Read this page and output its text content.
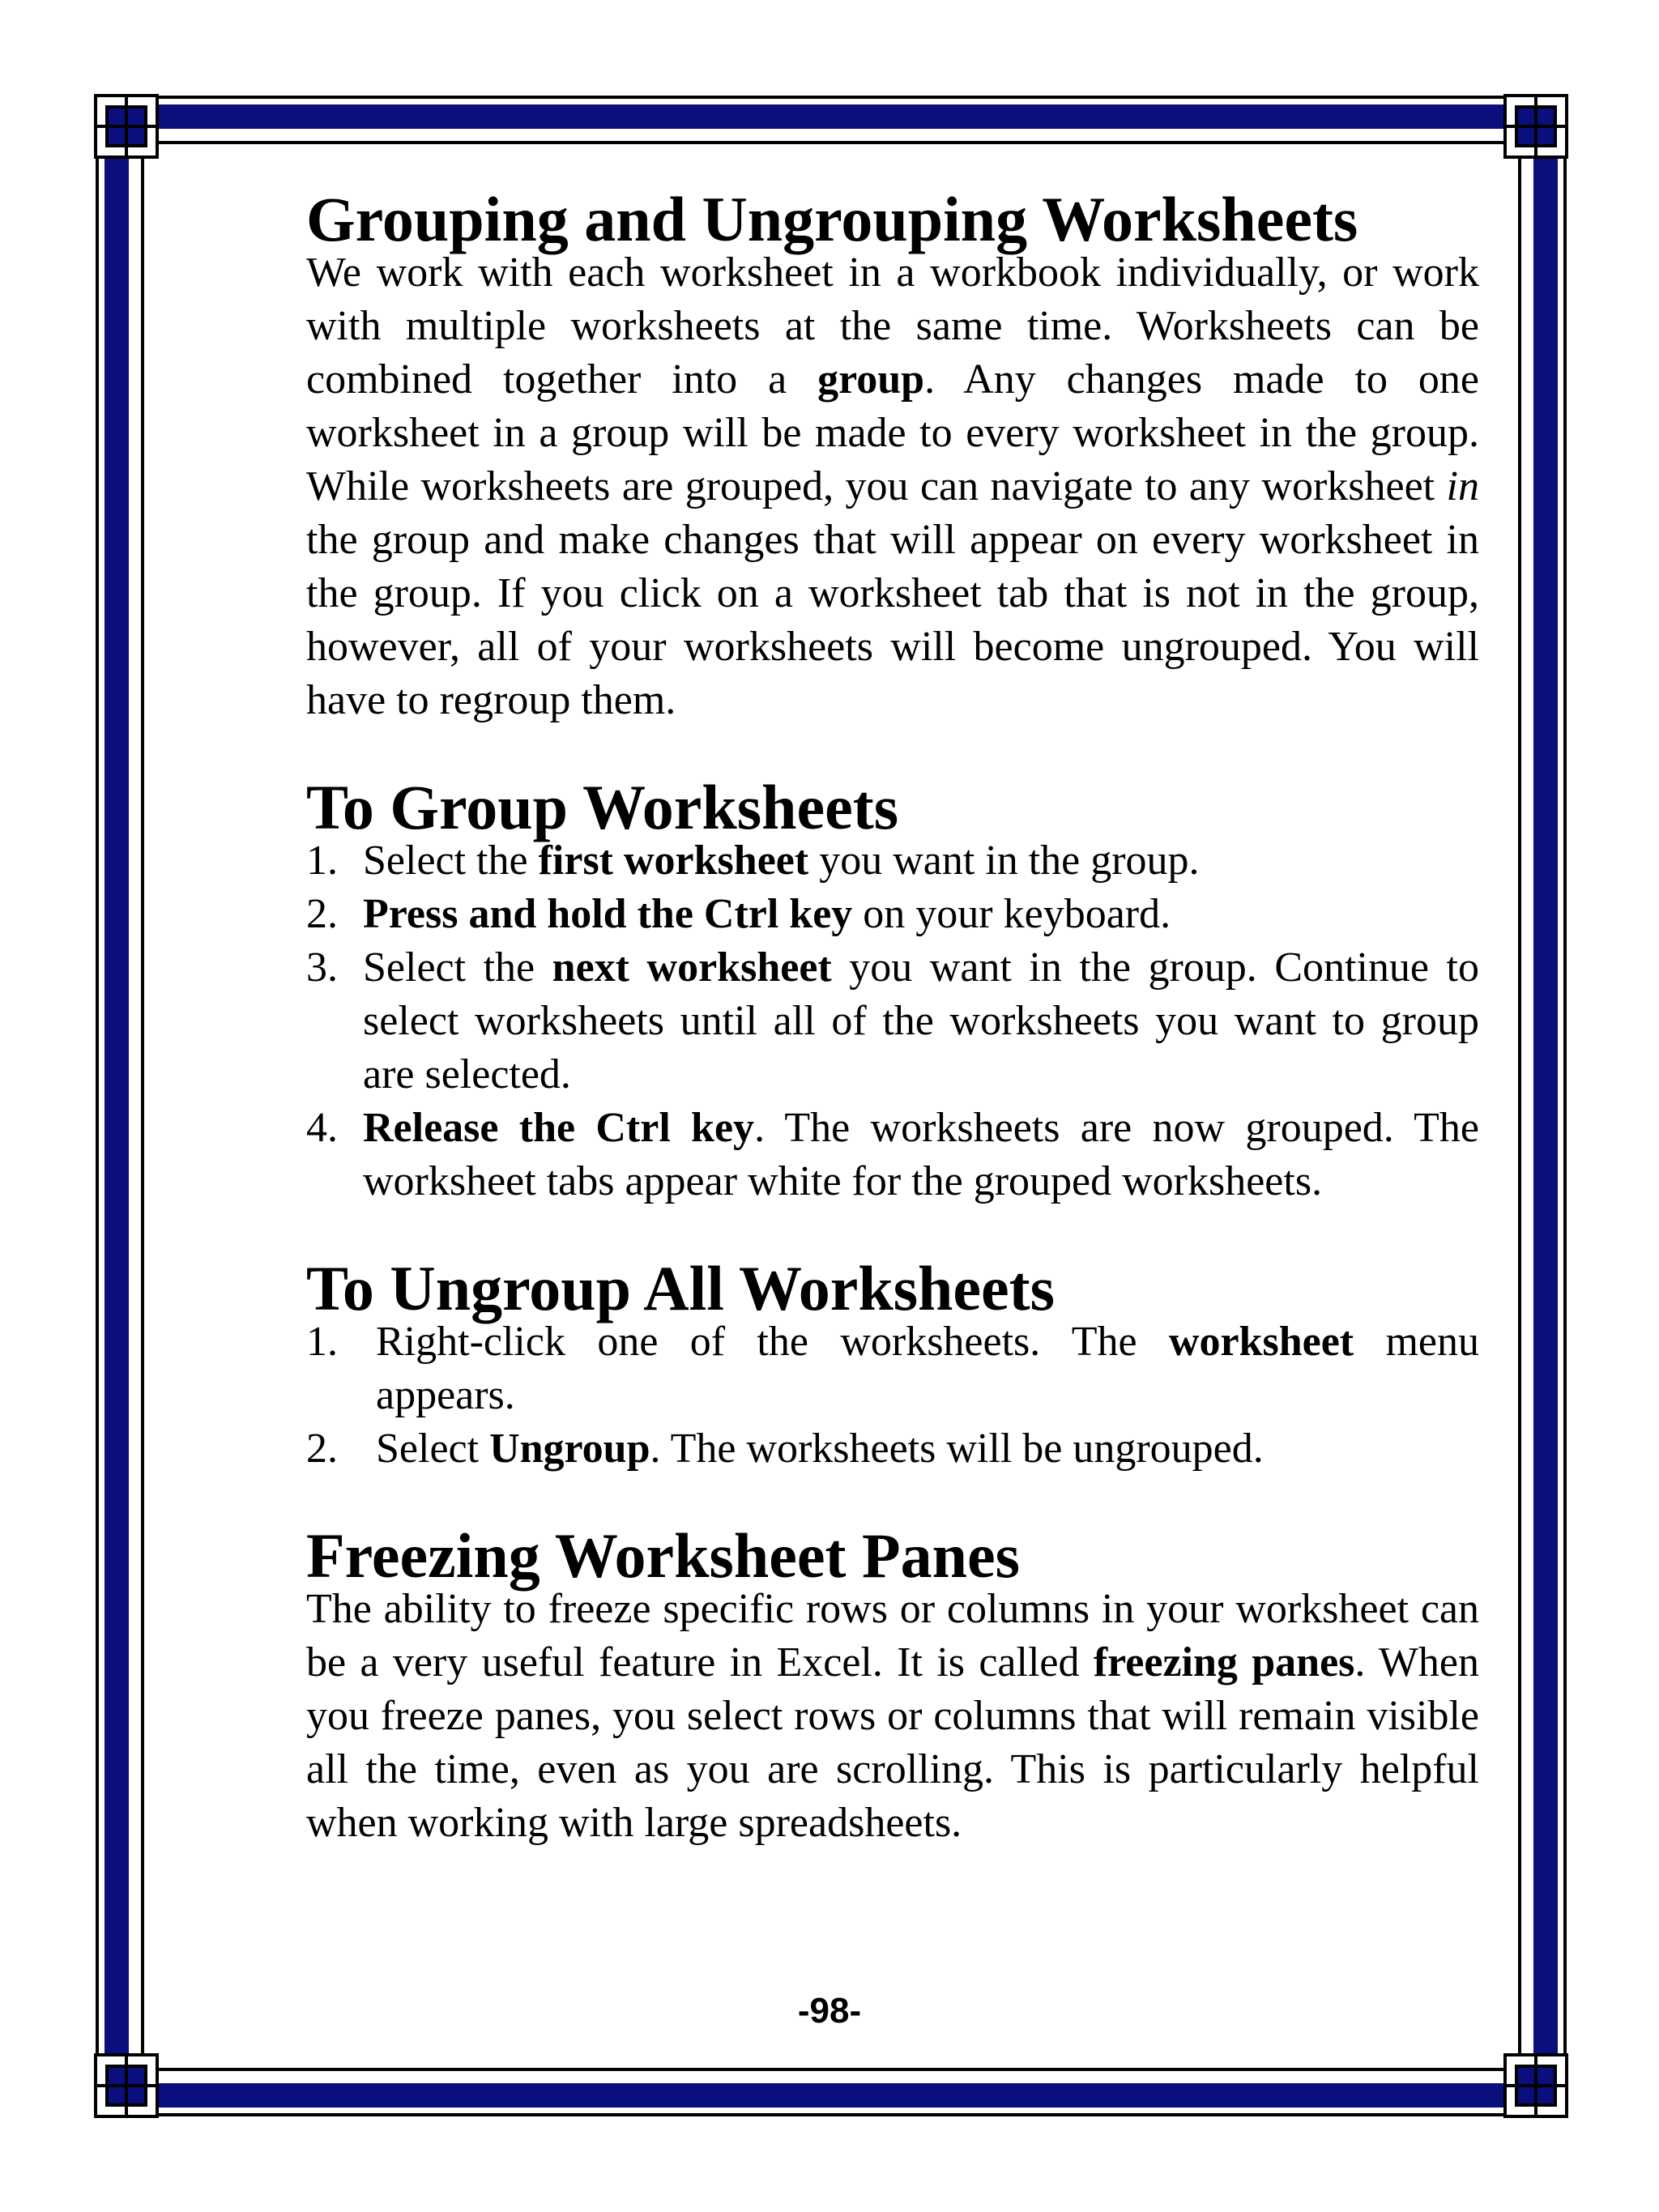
Grouping and Ungrouping Worksheets

We work with each worksheet in a workbook individually, or work with multiple worksheets at the same time. Worksheets can be combined together into a group. Any changes made to one worksheet in a group will be made to every worksheet in the group. While worksheets are grouped, you can navigate to any worksheet in the group and make changes that will appear on every worksheet in the group. If you click on a worksheet tab that is not in the group, however, all of your worksheets will become ungrouped. You will have to regroup them.

To Group Worksheets
1. Select the first worksheet you want in the group.
2. Press and hold the Ctrl key on your keyboard.
3. Select the next worksheet you want in the group. Continue to select worksheets until all of the worksheets you want to group are selected.
4. Release the Ctrl key. The worksheets are now grouped. The worksheet tabs appear white for the grouped worksheets.
To Ungroup All Worksheets
1. Right-click one of the worksheets. The worksheet menu appears.
2. Select Ungroup. The worksheets will be ungrouped.
Freezing Worksheet Panes

The ability to freeze specific rows or columns in your worksheet can be a very useful feature in Excel. It is called freezing panes. When you freeze panes, you select rows or columns that will remain visible all the time, even as you are scrolling. This is particularly helpful when working with large spreadsheets.

-98-
